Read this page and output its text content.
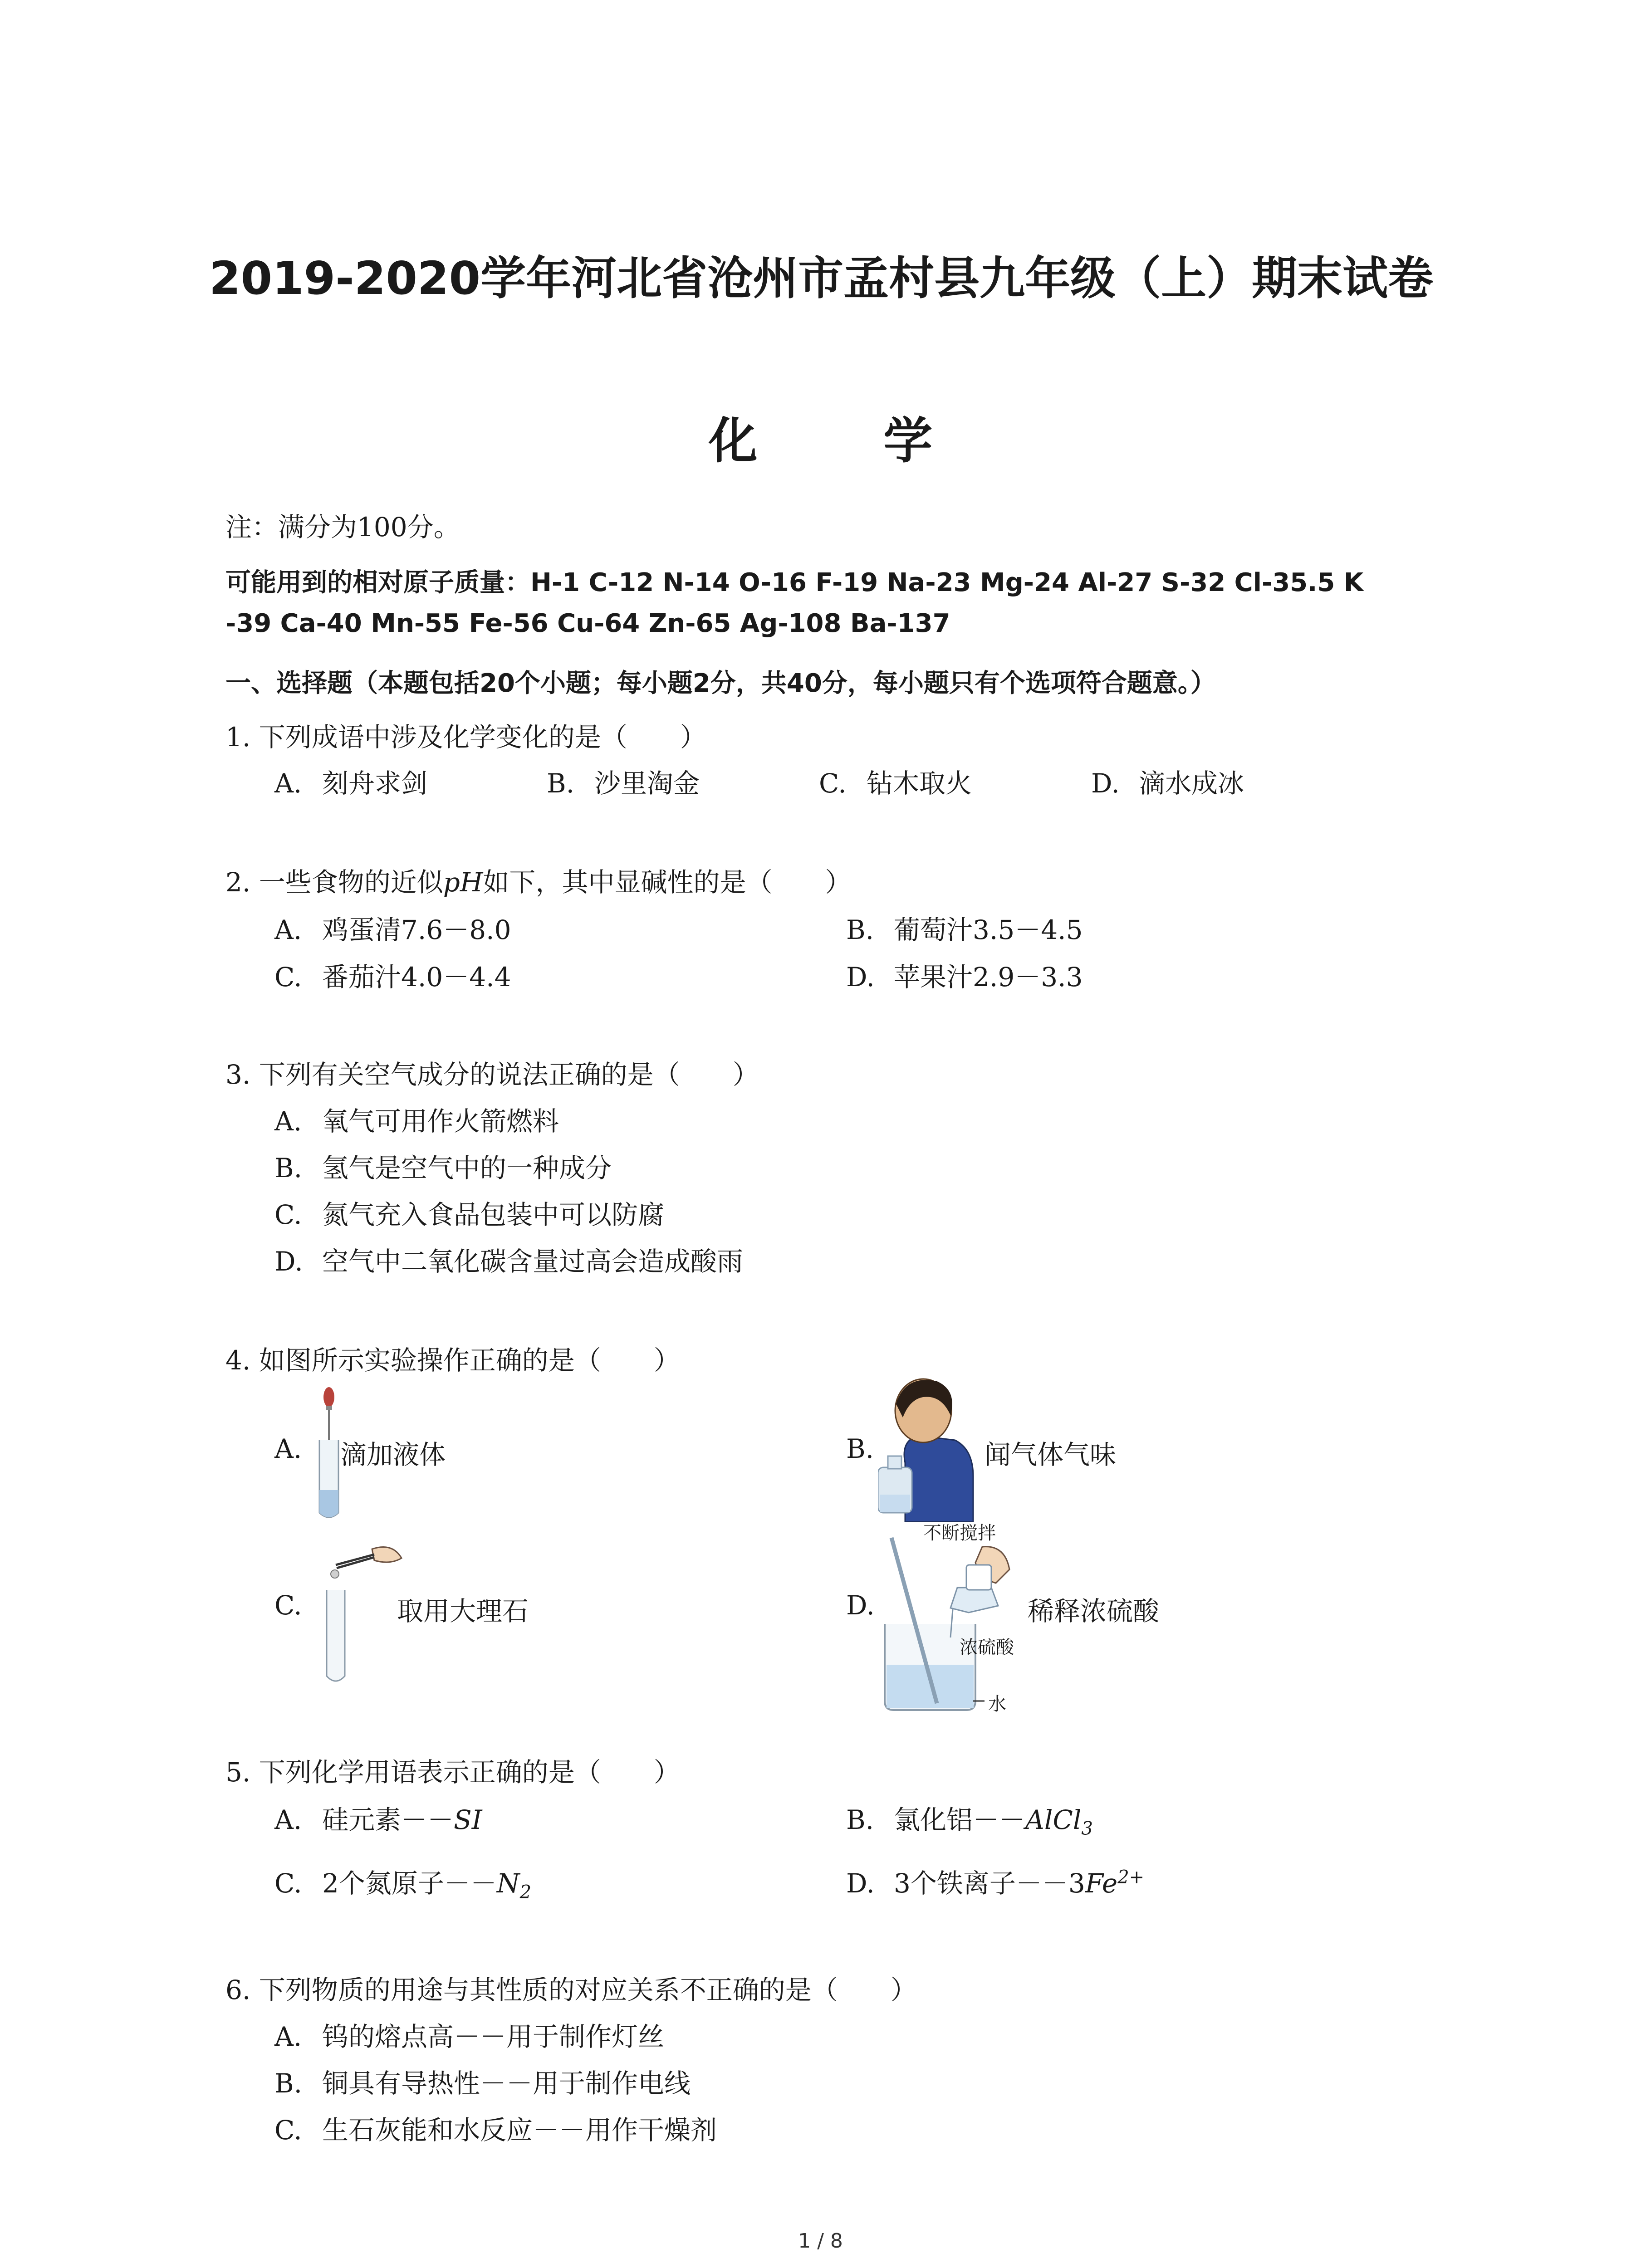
2019-2020学年河北省沧州市孟村县九年级（上）期末试卷
化 学
注：满分为100分。
可能用到的相对原子质量：H-1 C-12 N-14 O-16 F-19 Na-23 Mg-24 Al-27 S-32 Cl-35.5 K
-39 Ca-40 Mn-55 Fe-56 Cu-64 Zn-65 Ag-108 Ba-137
一、选择题（本题包括20个小题；每小题2分，共40分，每小题只有个选项符合题意。）
1. 下列成语中涉及化学变化的是（　　）
A. 刻舟求剑	B. 沙里淘金	C. 钻木取火	D. 滴水成冰
2. 一些食物的近似pH如下，其中显碱性的是（　　）
A. 鸡蛋清7.6－8.0	B. 葡萄汁3.5－4.5
C. 番茄汁4.0－4.4	D. 苹果汁2.9－3.3
3. 下列有关空气成分的说法正确的是（　　）
A. 氧气可用作火箭燃料
B. 氢气是空气中的一种成分
C. 氮气充入食品包装中可以防腐
D. 空气中二氧化碳含量过高会造成酸雨
4. 如图所示实验操作正确的是（　　）
A. 滴加液体	B.	闻气体气味
C.	取用大理石	D.	稀释浓硫酸
不断搅拌
浓硫酸
水
5. 下列化学用语表示正确的是（　　）
A. 硅元素－－SI	B. 氯化铝－－AlCl$_3$
C. 2个氮原子$--N_2$	D. 3个铁离子$--3Fe^{2+}$
6. 下列物质的用途与其性质的对应关系不正确的是（　　）
A. 钨的熔点高－－用于制作灯丝
B. 铜具有导热性－－用于制作电线
C. 生石灰能和水反应－－用作干燥剂
1 / 8
